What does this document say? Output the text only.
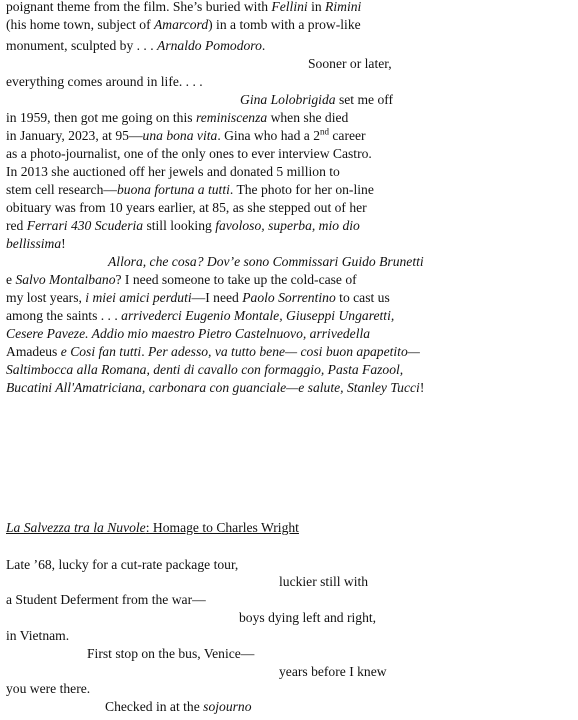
poignant theme from the film. She’s buried with Fellini in Rimini
(his home town, subject of Amarcord) in a tomb with a prow-like
monument, sculpted by . . . Arnaldo Pomodoro.
Sooner or later,
everything comes around in life. . . .
Gina Lolobrigida set me off
in 1959, then got me going on this reminiscenza when she died
in January, 2023, at 95—una bona vita. Gina who had a 2nd career
as a photo-journalist, one of the only ones to ever interview Castro.
In 2013 she auctioned off her jewels and donated 5 million to
stem cell research—buona fortuna a tutti. The photo for her on-line
obituary was from 10 years earlier, at 85, as she stepped out of her
red Ferrari 430 Scuderia still looking favoloso, superba, mio dio
bellissima!
Allora, che cosa? Dov’e sono Commissari Guido Brunetti
e Salvo Montalbano? I need someone to take up the cold-case of
my lost years, i miei amici perduti—I need Paolo Sorrentino to cast us
among the saints . . . arrivederci Eugenio Montale, Giuseppi Ungaretti,
Cesere Paveze. Addio mio maestro Pietro Castelnuovo, arrivedella
Amadeus e Cosi fan tutti. Per adesso, va tutto bene— cosi buon apapetito—
Saltimbocca alla Romana, denti di cavallo con formaggio, Pasta Fazool,
Bucatini All'Amatriciana, carbonara con guanciale—e salute, Stanley Tucci!
La Salvezza tra la Nuvole: Homage to Charles Wright
Late ’68, lucky for a cut-rate package tour,
luckier still with
a Student Deferment from the war—
boys dying left and right,
in Vietnam.
First stop on the bus, Venice—
years before I knew
you were there.
Checked in at the sojourno
